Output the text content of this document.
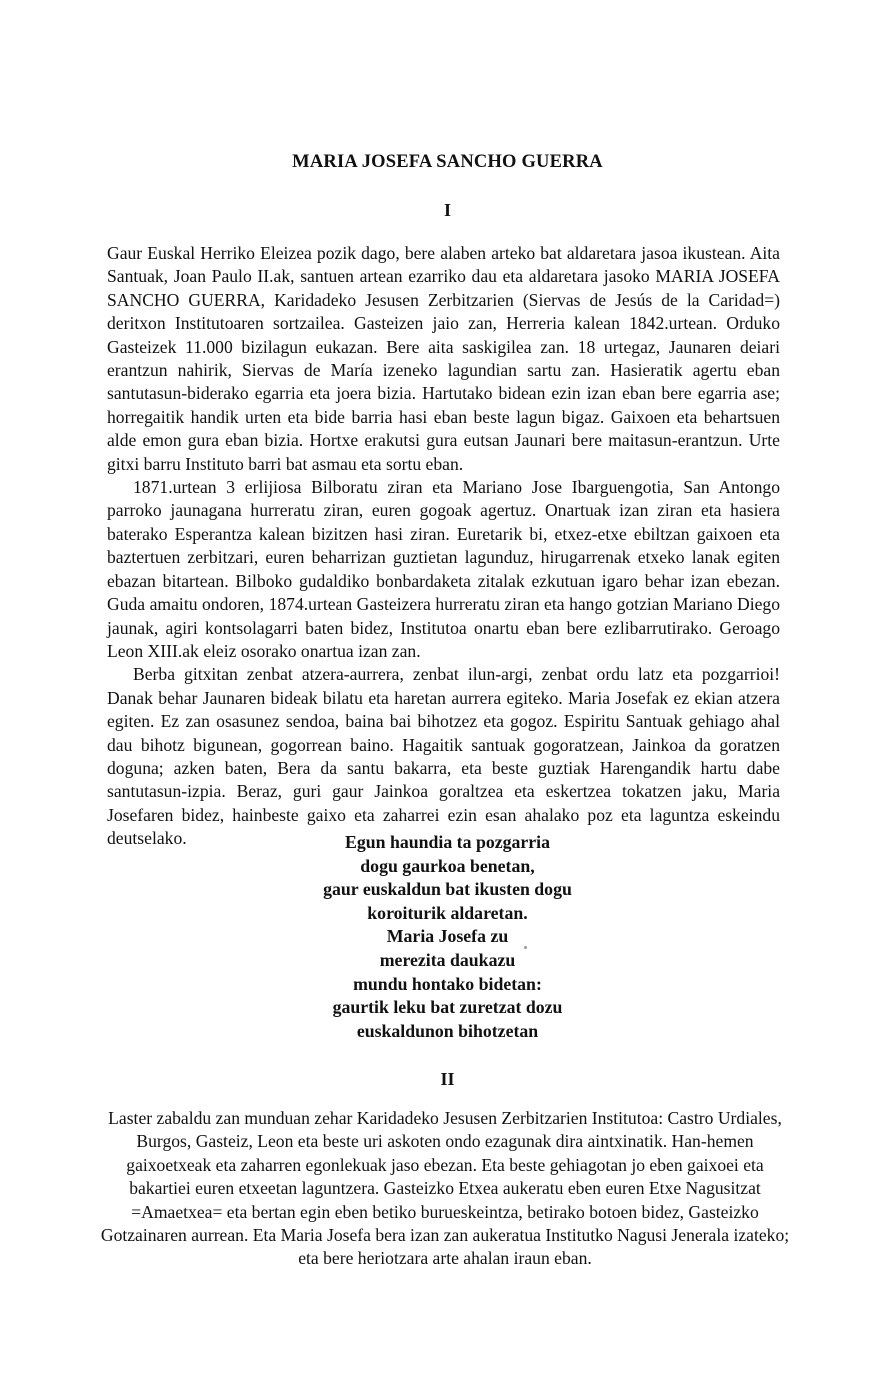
MARIA JOSEFA SANCHO GUERRA
I

Gaur Euskal Herriko Eleizea pozik dago, bere alaben arteko bat aldaretara jasoa ikustean. Aita Santuak, Joan Paulo II.ak, santuen artean ezarriko dau eta aldaretara jasoko MARIA JOSEFA SANCHO GUERRA, Karidadeko Jesusen Zerbitzarien (Siervas de Jesús de la Caridad=) deritxon Institutoaren sortzailea. Gasteizen jaio zan, Herreria kalean 1842.urtean. Orduko Gasteizek 11.000 bizilagun eukazan. Bere aita saskigilea zan. 18 urtegaz, Jaunaren deiari erantzun nahirik, Siervas de María izeneko lagundian sartu zan. Hasieratik agertu eban santutasun-biderako egarria eta joera bizia. Hartutako bidean ezin izan eban bere egarria ase; horregaitik handik urten eta bide barria hasi eban beste lagun bigaz. Gaixoen eta behartsuen alde emon gura eban bizia. Hortxe erakutsi gura eutsan Jaunari bere maitasun-erantzun. Urte gitxi barru Instituto barri bat asmau eta sortu eban.

1871.urtean 3 erlijiosa Bilboratu ziran eta Mariano Jose Ibarguengotia, San Antongo parroko jaunagana hurreratu ziran, euren gogoak agertuz. Onartuak izan ziran eta hasiera baterako Esperantza kalean bizitzen hasi ziran. Euretarik bi, etxez-etxe ebiltzan gaixoen eta baztertuen zerbitzari, euren beharrizan guztietan lagunduz, hirugarrenak etxeko lanak egiten ebazan bitartean. Bilboko gudaldiko bonbardaketa zitalak ezkutuan igaro behar izan ebezan. Guda amaitu ondoren, 1874.urtean Gasteizera hurreratu ziran eta hango gotzian Mariano Diego jaunak, agiri kontsolagarri baten bidez, Institutoa onartu eban bere ezlibarrutirako. Geroago Leon XIII.ak eleiz osorako onartua izan zan.

Berba gitxitan zenbat atzera-aurrera, zenbat ilun-argi, zenbat ordu latz eta pozgarrioi! Danak behar Jaunaren bideak bilatu eta haretan aurrera egiteko. Maria Josefak ez ekian atzera egiten. Ez zan osasunez sendoa, baina bai bihotzez eta gogoz. Espiritu Santuak gehiago ahal dau bihotz bigunean, gogorrean baino. Hagaitik santuak gogoratzean, Jainkoa da goratzen doguna; azken baten, Bera da santu bakarra, eta beste guztiak Harengandik hartu dabe santutasun-izpia. Beraz, guri gaur Jainkoa goraltzea eta eskertzea tokatzen jaku, Maria Josefaren bidez, hainbeste gaixo eta zaharrei ezin esan ahalako poz eta laguntza eskeindu deutselako.	Egun haundia ta pozgarria
dogu gaurkoa benetan,
gaur euskaldun bat ikusten dogu
koroiturik aldaretan.
Maria Josefa zu
merezita daukazu
mundu hontako bidetan:
gaurtik leku bat zuretzat dozu
euskaldunon bihotzetan
II
Laster zabaldu zan munduan zehar Karidadeko Jesusen Zerbitzarien Institutoa: Castro Urdiales, Burgos, Gasteiz, Leon eta beste uri askoten ondo ezagunak dira aintxinatik. Han-hemen gaixoetxeak eta zaharren egonlekuak jaso ebezan. Eta beste gehiagotan jo eben gaixoei eta bakartiei euren etxeetan laguntzera. Gasteizko Etxea aukeratu eben euren Etxe Nagusitzat =Amaetxea= eta bertan egin eben betiko burueskeintza, betirako botoen bidez, Gasteizko Gotzainaren aurrean. Eta Maria Josefa bera izan zan aukeratua Institutko Nagusi Jenerala izateko; eta bere heriotzara arte ahalan iraun eban.
